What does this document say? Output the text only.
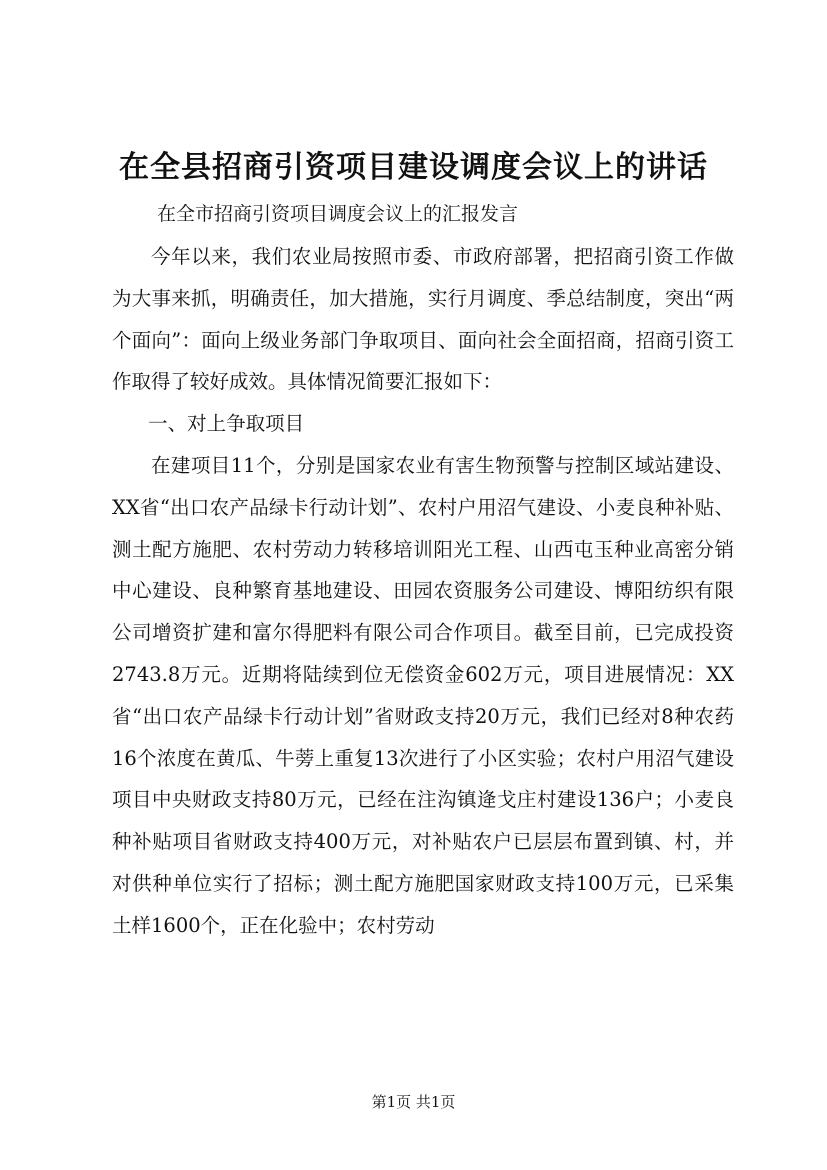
在全县招商引资项目建设调度会议上的讲话
在全市招商引资项目调度会议上的汇报发言

今年以来，我们农业局按照市委、市政府部署，把招商引资工作做为大事来抓，明确责任，加大措施，实行月调度、季总结制度，突出“两个面向”：面向上级业务部门争取项目、面向社会全面招商，招商引资工作取得了较好成效。具体情况简要汇报如下：

一、对上争取项目

在建项目11个，分别是国家农业有害生物预警与控制区域站建设、XX省“出口农产品绿卡行动计划”、农村户用沼气建设、小麦良种补贴、测土配方施肥、农村劳动力转移培训阳光工程、山西屯玉种业高密分销中心建设、良种繁育基地建设、田园农资服务公司建设、博阳纺织有限公司增资扩建和富尔得肥料有限公司合作项目。截至目前，已完成投资2743.8万元。近期将陆续到位无偿资金602万元，项目进展情况：XX省“出口农产品绿卡行动计划”省财政支持20万元，我们已经对8种农药16个浓度在黄瓜、牛蒡上重复13次进行了小区实验；农村户用沼气建设项目中央财政支持80万元，已经在注沟镇逄戈庄村建设136户；小麦良种补贴项目省财政支持400万元，对补贴农户已层层布置到镇、村，并对供种单位实行了招标；测土配方施肥国家财政支持100万元，已采集土样1600个，正在化验中；农村劳动

第1页 共1页
